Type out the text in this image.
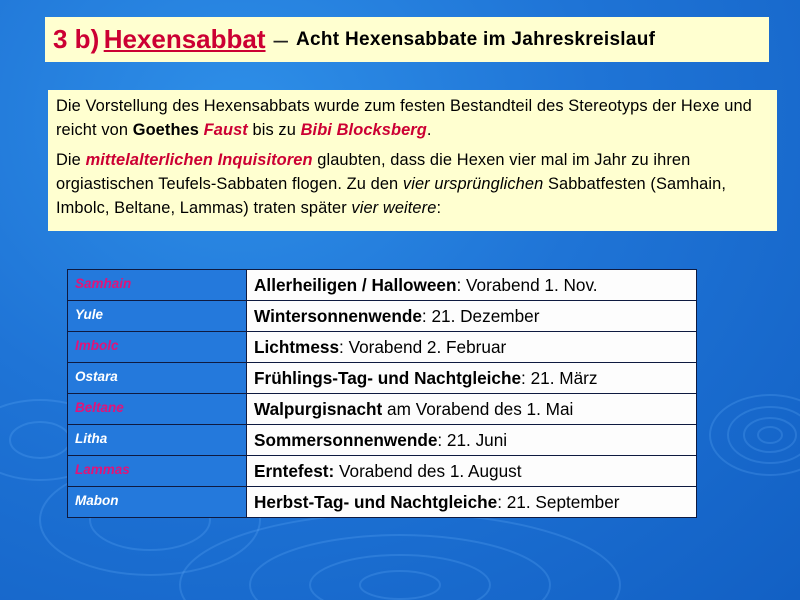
3 b)
Hexensabbat – Acht Hexensabbate im Jahreskreislauf

Die Vorstellung des Hexensabbats wurde zum festen Bestandteil des Stereotyps der Hexe und reicht von Goethes Faust bis zu Bibi Blocksberg.

Die mittelalterlichen Inquisitoren glaubten, dass die Hexen vier mal im Jahr zu ihren orgiastischen Teufels-Sabbaten flogen. Zu den vier ursprünglichen Sabbatfesten (Samhain, Imbolc, Beltane, Lammas) traten später vier weitere:

Samhain	Allerheiligen / Halloween: Vorabend 1. Nov.
Yule	Wintersonnenwende: 21. Dezember
Imbolc	Lichtmess: Vorabend 2. Februar
Ostara	Frühlings-Tag- und Nachtgleiche: 21. März
Beltane	Walpurgisnacht am Vorabend des 1. Mai
Litha	Sommersonnenwende: 21. Juni
Lammas	Erntefest: Vorabend des 1. August
Mabon	Herbst-Tag- und Nachtgleiche: 21. September
